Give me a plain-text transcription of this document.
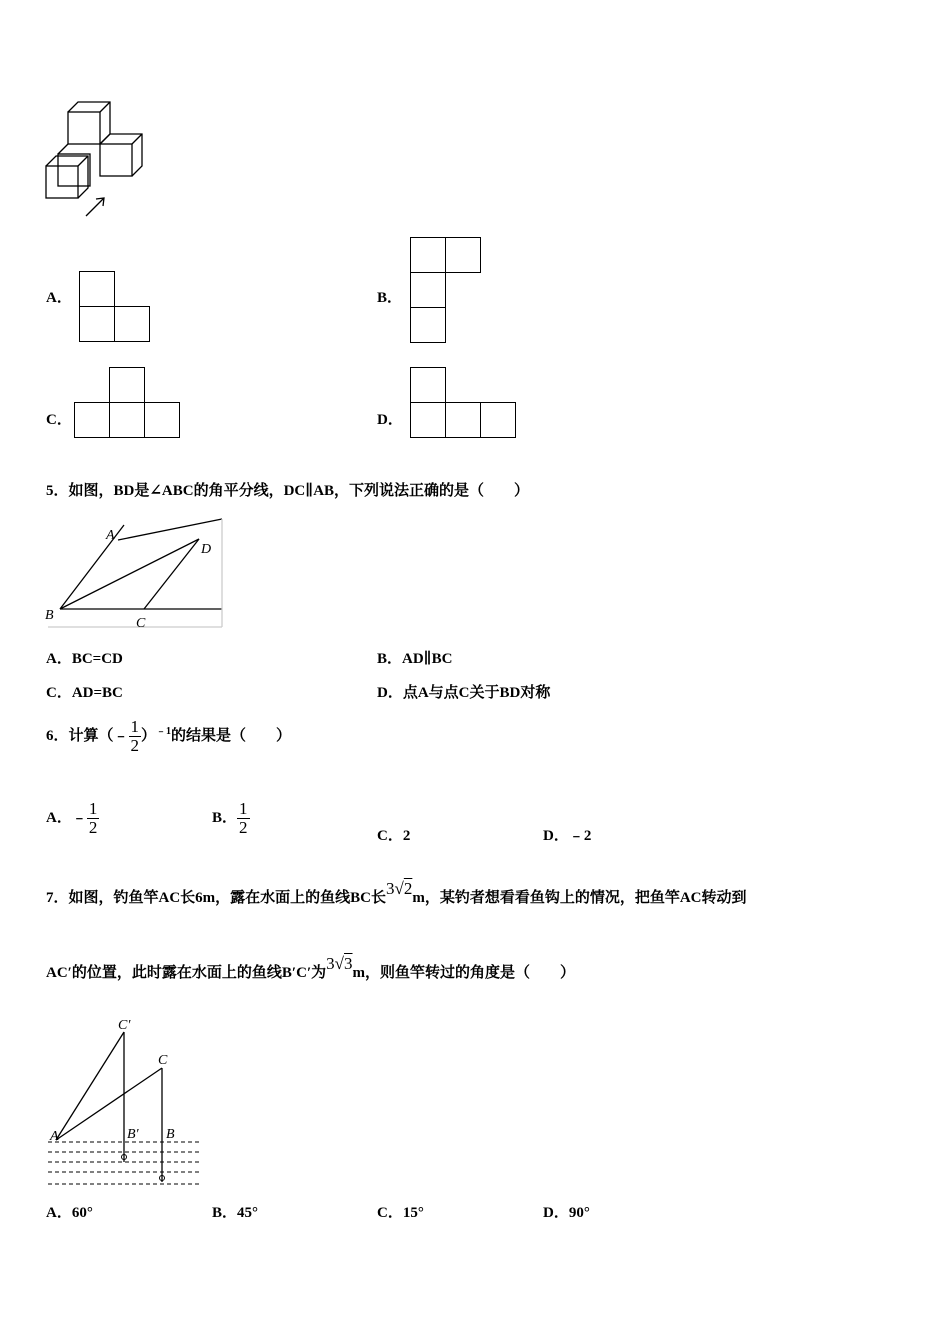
A．	B．
C．	D．
5．如图，BD是∠ABC的角平分线，DC∥AB，下列说法正确的是（　　）
A
D
B
C
A．BC=CD	B．AD∥BC
C．AD=BC	D．点A与点C关于BD对称
6．计算（﹣ $\frac{1}{2} )^{﹣1}$的结果是（　　）
A．﹣ $\frac{1}{2}$	B． $\frac{1}{2}$	C．2	D．﹣2
7．如图，钓鱼竿AC长6m，露在水面上的鱼线BC长3√2m，某钓者想看看鱼钩上的情况，把鱼竿AC转动到
AC′的位置，此时露在水面上的鱼线B′C′为3√3m，则鱼竿转过的角度是（　　）
C′
C
A	B′ B
A．60°	B．45°	C．15°	D．90°
